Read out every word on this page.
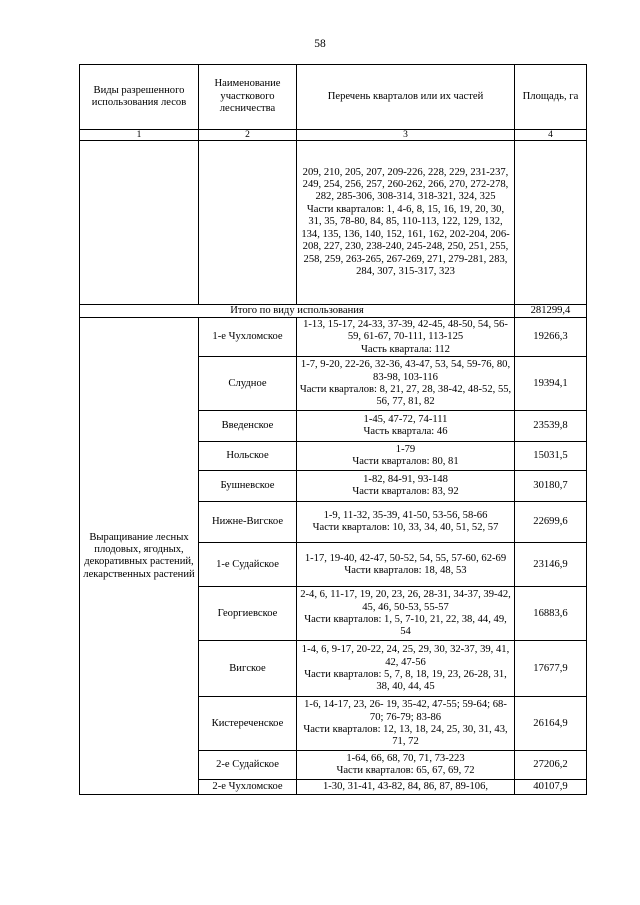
58
Виды разрешенного использования лесов	Наименование участкового лесничества	Перечень кварталов или их частей	Площадь, га
1	2	3	4
		209, 210, 205, 207, 209-226, 228, 229, 231-237, 249, 254, 256, 257, 260-262, 266, 270, 272-278, 282, 285-306, 308-314, 318-321, 324, 325
Части кварталов: 1, 4-6, 8, 15, 16, 19, 20, 30, 31, 35, 78-80, 84, 85, 110-113, 122, 129, 132, 134, 135, 136, 140, 152, 161, 162, 202-204, 206-208, 227, 230, 238-240, 245-248, 250, 251, 255, 258, 259, 263-265, 267-269, 271, 279-281, 283, 284, 307, 315-317, 323	
Итого по виду использования			281299,4
Выращивание лесных плодовых, ягодных, декоративных растений, лекарственных растений	1-е Чухломское	1-13, 15-17, 24-33, 37-39, 42-45, 48-50, 54, 56-59, 61-67, 70-111, 113-125
Часть квартала: 112	19266,3
	Слудное	1-7, 9-20, 22-26, 32-36, 43-47, 53, 54, 59-76, 80, 83-98, 103-116
Части кварталов: 8, 21, 27, 28, 38-42, 48-52, 55, 56, 77, 81, 82	19394,1
	Введенское	1-45, 47-72, 74-111
Часть квартала: 46	23539,8
	Нольское	1-79
Части кварталов: 80, 81	15031,5
	Бушневское	1-82, 84-91, 93-148
Части кварталов: 83, 92	30180,7
	Нижне-Вигское	1-9, 11-32, 35-39, 41-50, 53-56, 58-66
Части кварталов: 10, 33, 34, 40, 51, 52, 57	22699,6
	1-е Судайское	1-17, 19-40, 42-47, 50-52, 54, 55, 57-60, 62-69
Части кварталов: 18, 48, 53	23146,9
	Георгиевское	2-4, 6, 11-17, 19, 20, 23, 26, 28-31, 34-37, 39-42, 45, 46, 50-53, 55-57
Части кварталов: 1, 5, 7-10, 21, 22, 38, 44, 49, 54	16883,6
	Вигское	1-4, 6, 9-17, 20-22, 24, 25, 29, 30, 32-37, 39, 41, 42, 47-56
Части кварталов: 5, 7, 8, 18, 19, 23, 26-28, 31, 38, 40, 44, 45	17677,9
	Кистереченское	1-6, 14-17, 23, 26- 19, 35-42, 47-55; 59-64; 68-70; 76-79; 83-86
Части кварталов: 12, 13, 18, 24, 25, 30, 31, 43, 71, 72	26164,9
	2-е Судайское	1-64, 66, 68, 70, 71, 73-223
Части кварталов: 65, 67, 69, 72	27206,2
	2-е Чухломское	1-30, 31-41, 43-82, 84, 86, 87, 89-106,	40107,9
